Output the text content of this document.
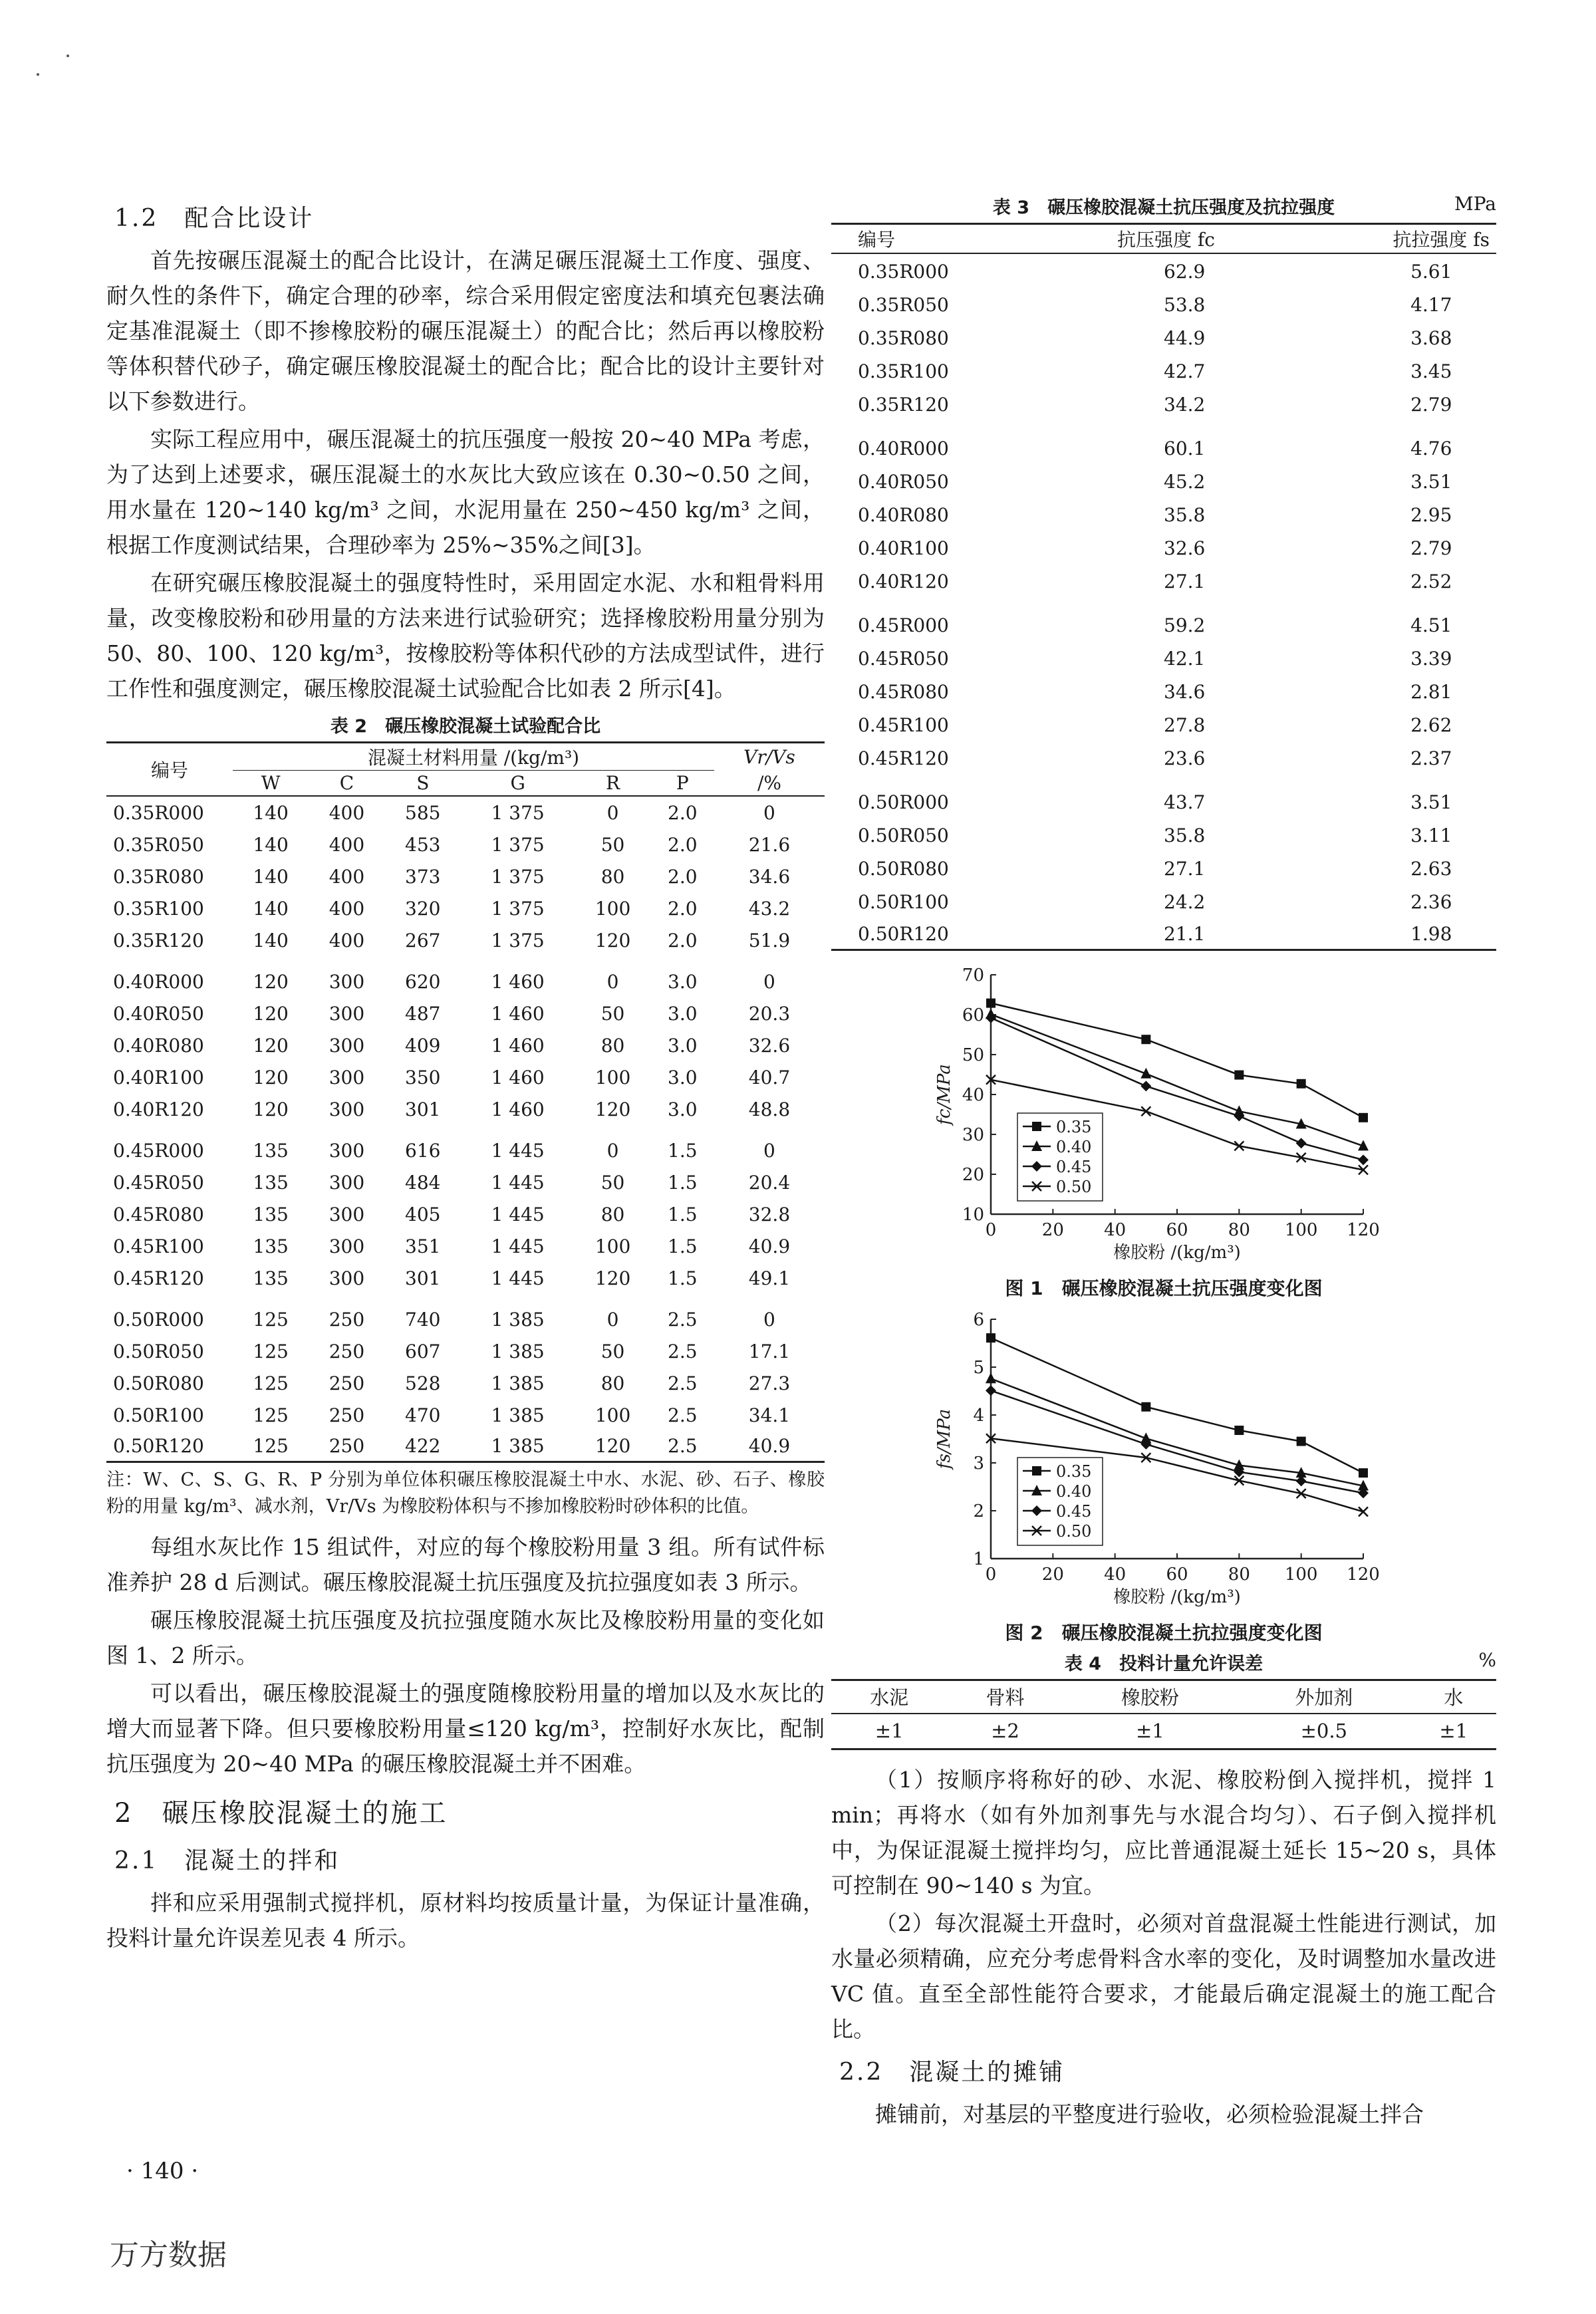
1.2　配合比设计

首先按碾压混凝土的配合比设计，在满足碾压混凝土工作度、强度、耐久性的条件下，确定合理的砂率，综合采用假定密度法和填充包裹法确定基准混凝土（即不掺橡胶粉的碾压混凝土）的配合比；然后再以橡胶粉等体积替代砂子，确定碾压橡胶混凝土的配合比；配合比的设计主要针对以下参数进行。

实际工程应用中，碾压混凝土的抗压强度一般按 20~40 MPa 考虑，为了达到上述要求，碾压混凝土的水灰比大致应该在 0.30~0.50 之间，用水量在 120~140 kg/m³ 之间，水泥用量在 250~450 kg/m³ 之间，根据工作度测试结果，合理砂率为 25%~35%之间[3]。

在研究碾压橡胶混凝土的强度特性时，采用固定水泥、水和粗骨料用量，改变橡胶粉和砂用量的方法来进行试验研究；选择橡胶粉用量分别为 50、80、100、120 kg/m³，按橡胶粉等体积代砂的方法成型试件，进行工作性和强度测定，碾压橡胶混凝土试验配合比如表 2 所示[4]。

表 2　碾压橡胶混凝土试验配合比
编号	混凝土材料用量 /(kg/m³)						Vr/Vs
	W	C	S	G	R	P	/%
0.35R000	140	400	585	1 375	0	2.0	0
0.35R050	140	400	453	1 375	50	2.0	21.6
0.35R080	140	400	373	1 375	80	2.0	34.6
0.35R100	140	400	320	1 375	100	2.0	43.2
0.35R120	140	400	267	1 375	120	2.0	51.9
0.40R000	120	300	620	1 460	0	3.0	0
0.40R050	120	300	487	1 460	50	3.0	20.3
0.40R080	120	300	409	1 460	80	3.0	32.6
0.40R100	120	300	350	1 460	100	3.0	40.7
0.40R120	120	300	301	1 460	120	3.0	48.8
0.45R000	135	300	616	1 445	0	1.5	0
0.45R050	135	300	484	1 445	50	1.5	20.4
0.45R080	135	300	405	1 445	80	1.5	32.8
0.45R100	135	300	351	1 445	100	1.5	40.9
0.45R120	135	300	301	1 445	120	1.5	49.1
0.50R000	125	250	740	1 385	0	2.5	0
0.50R050	125	250	607	1 385	50	2.5	17.1
0.50R080	125	250	528	1 385	80	2.5	27.3
0.50R100	125	250	470	1 385	100	2.5	34.1
0.50R120	125	250	422	1 385	120	2.5	40.9
注：W、C、S、G、R、P 分别为单位体积碾压橡胶混凝土中水、水泥、砂、石子、橡胶粉的用量 kg/m³、减水剂，Vr/Vs 为橡胶粉体积与不掺加橡胶粉时砂体积的比值。

每组水灰比作 15 组试件，对应的每个橡胶粉用量 3 组。所有试件标准养护 28 d 后测试。碾压橡胶混凝土抗压强度及抗拉强度如表 3 所示。

碾压橡胶混凝土抗压强度及抗拉强度随水灰比及橡胶粉用量的变化如图 1、2 所示。

可以看出，碾压橡胶混凝土的强度随橡胶粉用量的增加以及水灰比的增大而显著下降。但只要橡胶粉用量≤120 kg/m³，控制好水灰比，配制抗压强度为 20~40 MPa 的碾压橡胶混凝土并不困难。

2　碾压橡胶混凝土的施工
2.1　混凝土的拌和

拌和应采用强制式搅拌机，原材料均按质量计量，为保证计量准确，投料计量允许误差见表 4 所示。

表 3　碾压橡胶混凝土抗压强度及抗拉强度	MPa
编号	抗压强度 fc	抗拉强度 fs
0.35R000	62.9	5.61
0.35R050	53.8	4.17
0.35R080	44.9	3.68
0.35R100	42.7	3.45
0.35R120	34.2	2.79
0.40R000	60.1	4.76
0.40R050	45.2	3.51
0.40R080	35.8	2.95
0.40R100	32.6	2.79
0.40R120	27.1	2.52
0.45R000	59.2	4.51
0.45R050	42.1	3.39
0.45R080	34.6	2.81
0.45R100	27.8	2.62
0.45R120	23.6	2.37
0.50R000	43.7	3.51
0.50R050	35.8	3.11
0.50R080	27.1	2.63
0.50R100	24.2	2.36
0.50R120	21.1	1.98
10
20
30
40
50
60
70
0	20 40 60 80 100 120
橡胶粉 /(kg/m³)
fc/MPa
0.35
0.40
0.45
0.50
图 1　碾压橡胶混凝土抗压强度变化图
1
2
3
4
5
6
0	20 40 60 80 100 120
橡胶粉 /(kg/m³)
fs/MPa
0.35
0.40
0.45
0.50
图 2　碾压橡胶混凝土抗拉强度变化图
表 4　投料计量允许误差	%
水泥	骨料	橡胶粉	外加剂	水
±1	±2	±1	±0.5	±1

（1）按顺序将称好的砂、水泥、橡胶粉倒入搅拌机，搅拌 1 min；再将水（如有外加剂事先与水混合均匀）、石子倒入搅拌机中，为保证混凝土搅拌均匀，应比普通混凝土延长 15~20 s，具体可控制在 90~140 s 为宜。

（2）每次混凝土开盘时，必须对首盘混凝土性能进行测试，加水量必须精确，应充分考虑骨料含水率的变化，及时调整加水量改进 VC 值。直至全部性能符合要求，才能最后确定混凝土的施工配合比。

2.2　混凝土的摊铺

摊铺前，对基层的平整度进行验收，必须检验混凝土拌合

· 140 ·
万方数据
